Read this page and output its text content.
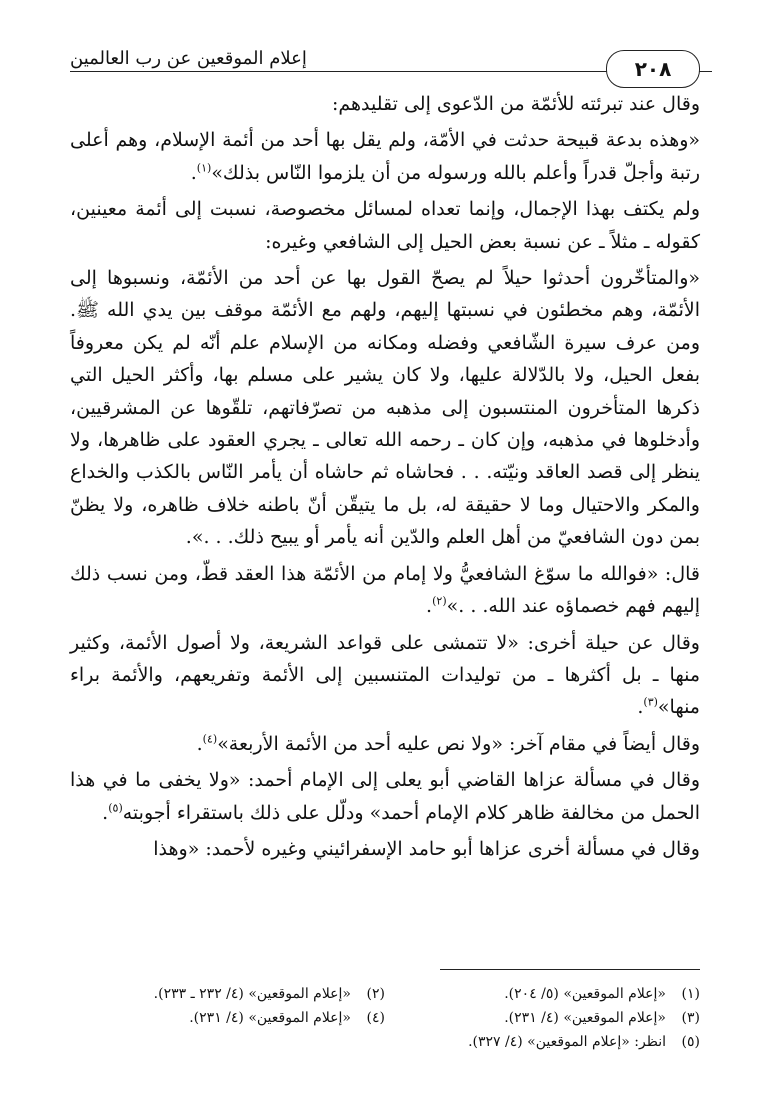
إعلام الموقعين عن رب العالمين	٢٠٨

وقال عند تبرئته للأئمّة من الدّعوى إلى تقليدهم:

«وهذه بدعة قبيحة حدثت في الأمّة، ولم يقل بها أحد من أئمة الإسلام، وهم أعلى رتبة وأجلّ قدراً وأعلم بالله ورسوله من أن يلزموا النّاس بذلك»$^{(١)}$.

ولم يكتف بهذا الإجمال، وإنما تعداه لمسائل مخصوصة، نسبت إلى أئمة معينين، كقوله ـ مثلاً ـ عن نسبة بعض الحيل إلى الشافعي وغيره:

«والمتأخّرون أحدثوا حيلاً لم يصحّ القول بها عن أحد من الأئمّة، ونسبوها إلى الأئمّة، وهم مخطئون في نسبتها إليهم، ولهم مع الأئمّة موقف بين يدي الله ﷺ. ومن عرف سيرة الشّافعي وفضله ومكانه من الإسلام علم أنّه لم يكن معروفاً بفعل الحيل، ولا بالدّلالة عليها، ولا كان يشير على مسلم بها، وأكثر الحيل التي ذكرها المتأخرون المنتسبون إلى مذهبه من تصرّفاتهم، تلقّوها عن المشرقيين، وأدخلوها في مذهبه، وإن كان ـ رحمه الله تعالى ـ يجري العقود على ظاهرها، ولا ينظر إلى قصد العاقد ونيّته. . . فحاشاه ثم حاشاه أن يأمر النّاس بالكذب والخداع والمكر والاحتيال وما لا حقيقة له، بل ما يتيقّن أنّ باطنه خلاف ظاهره، ولا يظنّ بمن دون الشافعيّ من أهل العلم والدّين أنه يأمر أو يبيح ذلك. . .».

قال: «فوالله ما سوّغ الشافعيُّ ولا إمام من الأئمّة هذا العقد قطّ، ومن نسب ذلك إليهم فهم خصماؤه عند الله. . .»$^{(٢)}$.

وقال عن حيلة أخرى: «لا تتمشى على قواعد الشريعة، ولا أصول الأئمة، وكثير منها ـ بل أكثرها ـ من توليدات المتنسبين إلى الأئمة وتفريعهم، والأئمة براء منها»$^{(٣)}$.

وقال أيضاً في مقام آخر: «ولا نص عليه أحد من الأئمة الأربعة»$^{(٤)}$.

وقال في مسألة عزاها القاضي أبو يعلى إلى الإمام أحمد: «ولا يخفى ما في هذا الحمل من مخالفة ظاهر كلام الإمام أحمد» ودلّل على ذلك باستقراء أجوبته$^{(٥)}$.

وقال في مسألة أخرى عزاها أبو حامد الإسفرائيني وغيره لأحمد: «وهذا

(١)«إعلام الموقعين» (٥/ ٢٠٤).
(٢)«إعلام الموقعين» (٤/ ٢٣٢ ـ ٢٣٣).
(٣)«إعلام الموقعين» (٤/ ٢٣١).
(٤)«إعلام الموقعين» (٤/ ٢٣١).
(٥)انظر: «إعلام الموقعين» (٤/ ٣٢٧).
